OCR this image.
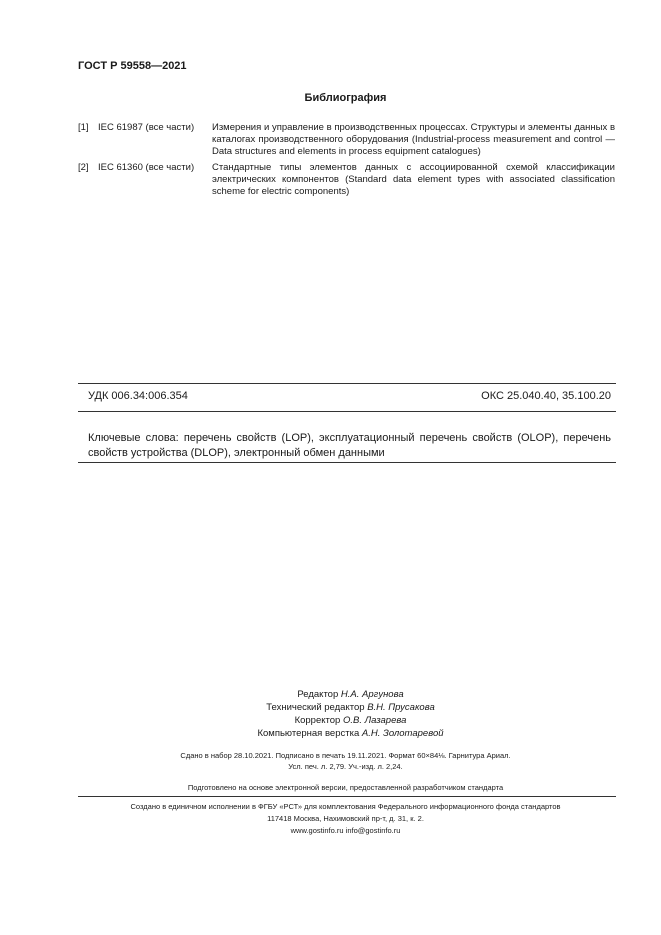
ГОСТ Р 59558—2021
Библиография
[1] IEC 61987 (все части) Измерения и управление в производственных процессах. Структуры и элементы данных в каталогах производственного оборудования (Industrial-process measurement and control — Data structures and elements in process equipment catalogues)
[2] IEC 61360 (все части) Стандартные типы элементов данных с ассоциированной схемой классификации электрических компонентов (Standard data element types with associated classification scheme for electric components)
УДК 006.34:006.354	ОКС 25.040.40, 35.100.20
Ключевые слова: перечень свойств (LOP), эксплуатационный перечень свойств (OLOP), перечень свойств устройства (DLOP), электронный обмен данными
Редактор Н.А. Аргунова
Технический редактор В.Н. Прусакова
Корректор О.В. Лазарева
Компьютерная верстка А.Н. Золотаревой
Сдано в набор 28.10.2021. Подписано в печать 19.11.2021. Формат 60×84⅛. Гарнитура Ариал.
Усл. печ. л. 2,79. Уч.-изд. л. 2,24.
Подготовлено на основе электронной версии, предоставленной разработчиком стандарта
Создано в единичном исполнении в ФГБУ «РСТ» для комплектования Федерального информационного фонда стандартов
117418 Москва, Нахимовский пр-т, д. 31, к. 2.
www.gostinfo.ru info@gostinfo.ru
